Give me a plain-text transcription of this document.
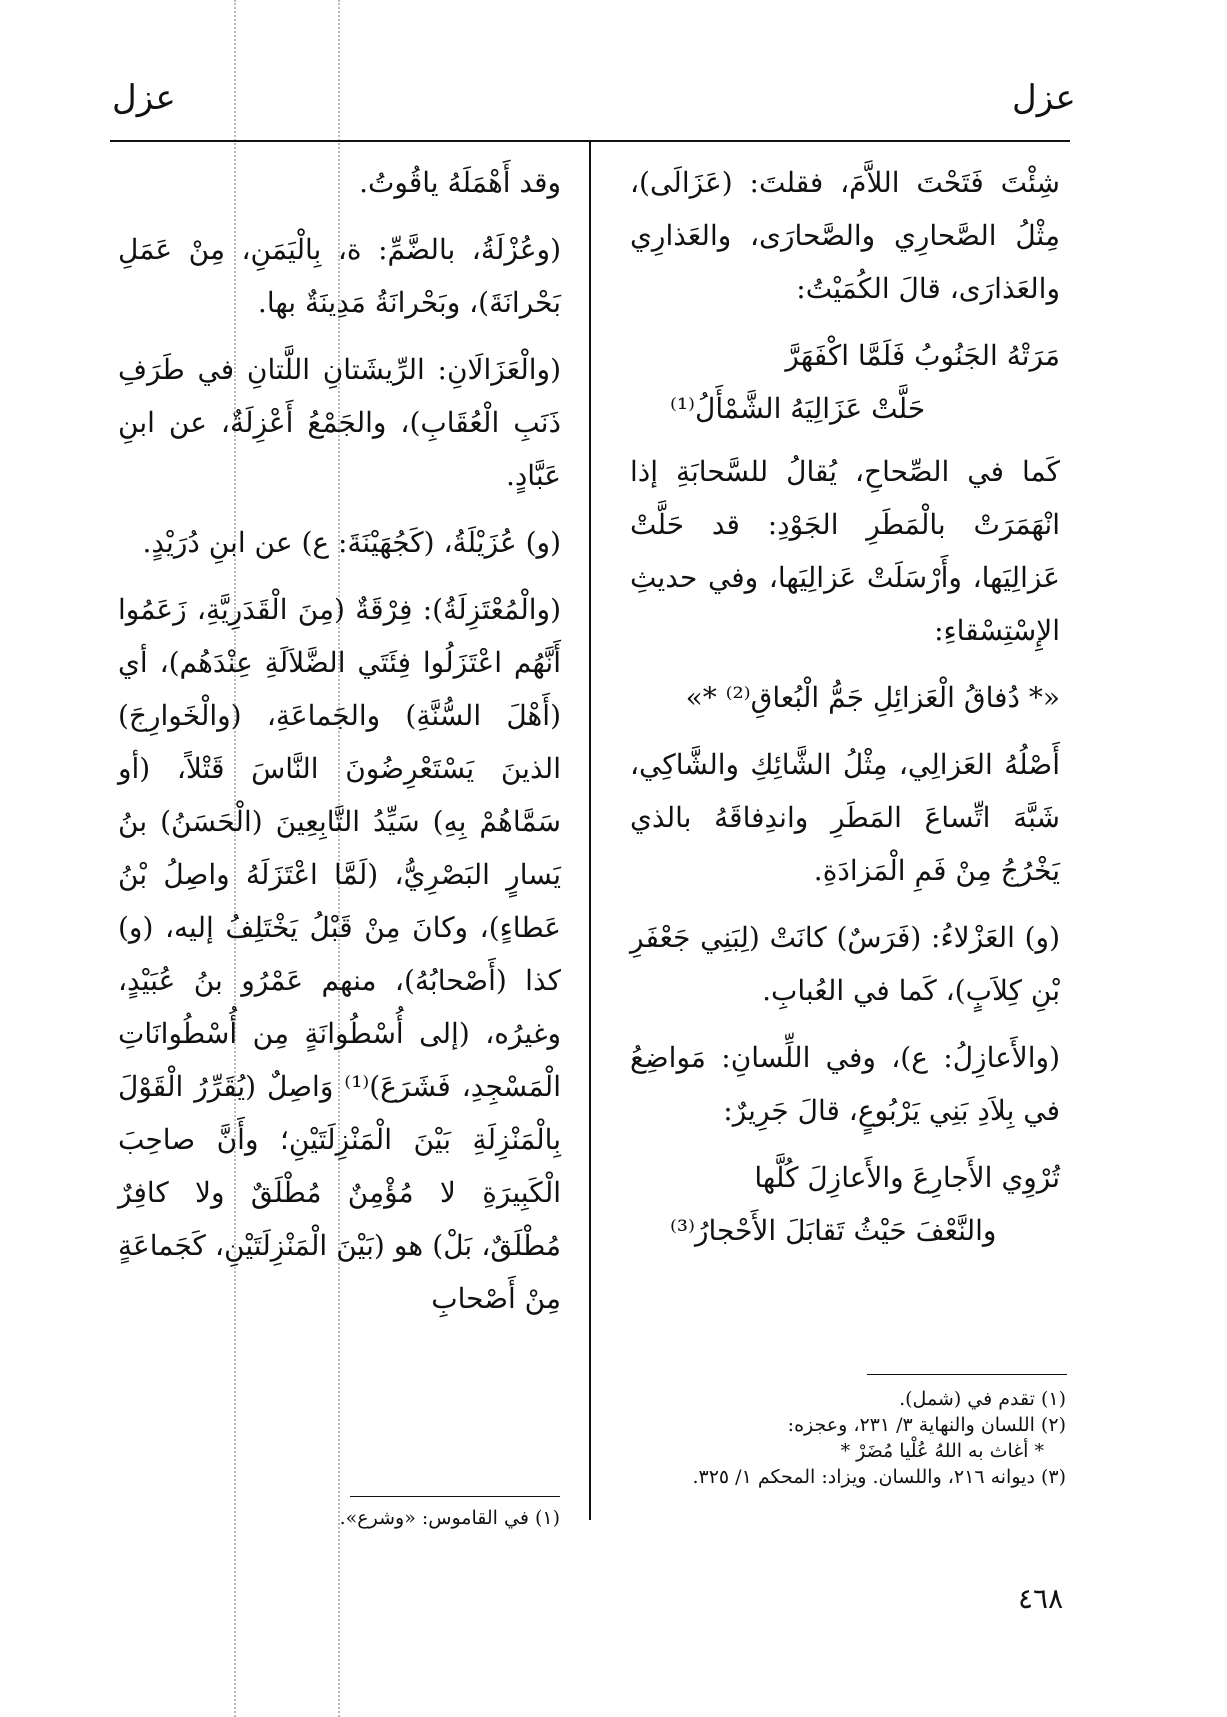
عزل
عزل

شِئْتَ فَتَحْتَ اللاَّمَ، فقلتَ: (عَزَالَى)، مِثْلُ الصَّحارِي والصَّحارَى، والعَذارِي والعَذارَى، قالَ الكُمَيْتُ:

مَرَتْهُ الجَنُوبُ فَلَمَّا اكْفَهَرَّ
حَلَّتْ عَزَالِيَهُ الشَّمْأَلُ⁽¹⁾

كَما في الصِّحاحِ، يُقالُ للسَّحابَةِ إذا انْهَمَرَتْ بالْمَطَرِ الجَوْدِ: قد حَلَّتْ عَزالِيَها، وأَرْسَلَتْ عَزالِيَها، وفي حديثِ الإِسْتِسْقاءِ:

«* دُفاقُ الْعَزائِلِ جَمُّ الْبُعاقِ⁽²⁾ *»

أَصْلُهُ العَزالِي، مِثْلُ الشَّائِكِ والشَّاكِي، شَبَّهَ اتِّساعَ المَطَرِ واندِفاقَهُ بالذي يَخْرُجُ مِنْ فَمِ الْمَزادَةِ.

(و) العَزْلاءُ: (فَرَسٌ) كانَتْ (لِبَنِي جَعْفَرِ بْنِ كِلاَبٍ)، كَما في العُبابِ.

(والأَعازِلُ: ع)، وفي اللِّسانِ: مَواضِعُ في بِلاَدِ بَنِي يَرْبُوعٍ، قالَ جَرِيرٌ:

تُرْوِي الأَجارِعَ والأَعازِلَ كُلَّها
والنَّعْفَ حَيْثُ تَقابَلَ الأَحْجارُ⁽³⁾

وقد أَهْمَلَهُ ياقُوتُ.

(وعُزْلَةُ، بالضَّمِّ: ة، بِالْيَمَنِ، مِنْ عَمَلِ بَحْرانَةَ)، وبَحْرانَةُ مَدِينَةٌ بها.

(والْعَزَالَانِ: الرِّيشَتانِ اللَّتانِ في طَرَفِ ذَنَبِ الْعُقَابِ)، والجَمْعُ أَعْزِلَةٌ، عن ابنِ عَبَّادٍ.

(و) عُزَيْلَةُ، (كَجُهَيْنَةَ: ع) عن ابنِ دُرَيْدٍ.

(والْمُعْتَزِلَةُ): فِرْقَةٌ (مِنَ الْقَدَرِيَّةِ، زَعَمُوا أَنَّهُم اعْتَزَلُوا فِئَتَي الضَّلاَلَةِ عِنْدَهُم)، أي (أَهْلَ السُّنَّةِ) والجَماعَةِ، (والْخَوارِجَ) الذينَ يَسْتَعْرِضُونَ النَّاسَ قَتْلاً، (أو سَمَّاهُمْ بِهِ) سَيِّدُ التَّابِعِينَ (الْحَسَنُ) بنُ يَسارٍ البَصْرِيُّ، (لَمَّا اعْتَزَلَهُ واصِلُ بْنُ عَطاءٍ)، وكانَ مِنْ قَبْلُ يَخْتَلِفُ إليه، (و) كذا (أَصْحابُهُ)، منهم عَمْرُو بنُ عُبَيْدٍ، وغيرُه، (إلى أُسْطُوانَةٍ مِن أُسْطُوانَاتِ الْمَسْجِدِ، فَشَرَعَ)⁽¹⁾ وَاصِلٌ (يُقَرِّرُ الْقَوْلَ بِالْمَنْزِلَةِ بَيْنَ الْمَنْزِلَتَيْنِ؛ وأَنَّ صاحِبَ الْكَبِيرَةِ لا مُؤْمِنٌ مُطْلَقٌ ولا كافِرٌ مُطْلَقٌ، بَلْ) هو (بَيْنَ الْمَنْزِلَتَيْنِ، كَجَماعَةٍ مِنْ أَصْحابِ

(١) تقدم في (شمل).
(٢) اللسان والنهاية ٣/ ٢٣١، وعجزه:
* أغاث به اللهُ عُلْيا مُضَرْ *
(٣) ديوانه ٢١٦، واللسان. ويزاد: المحكم ١/ ٣٢٥.
(١) في القاموس: «وشرع».
٤٦٨
